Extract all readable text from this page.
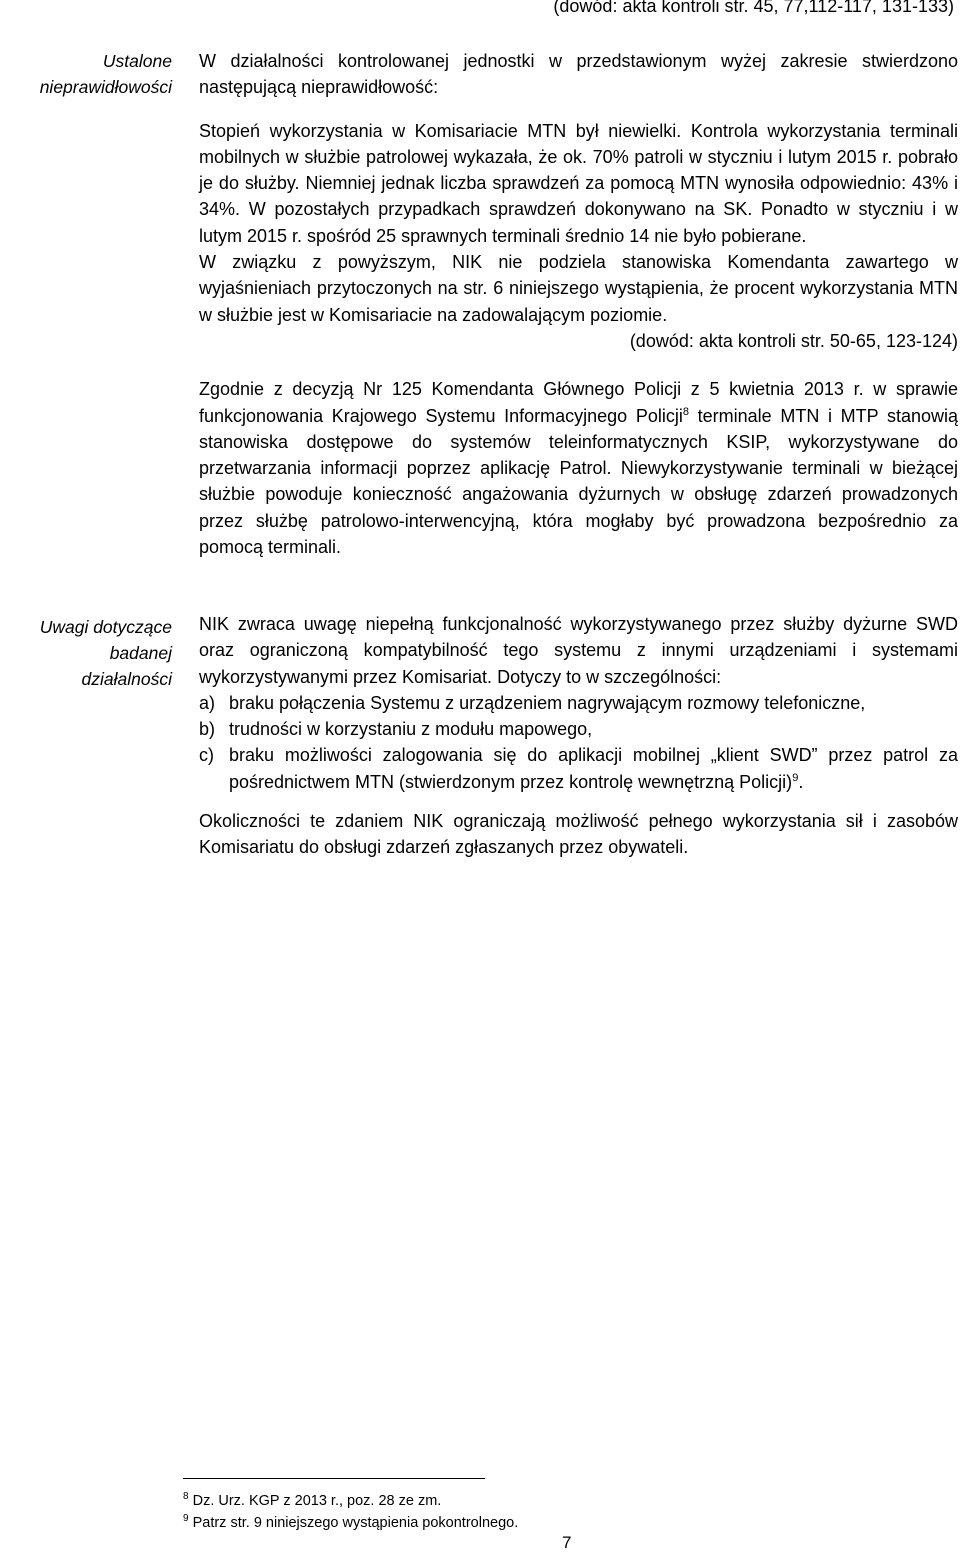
(dowód: akta kontroli str. 45, 77,112-117, 131-133)
Ustalone nieprawidłowości

W działalności kontrolowanej jednostki w przedstawionym wyżej zakresie stwierdzono następującą nieprawidłowość:

Stopień wykorzystania w Komisariacie MTN był niewielki. Kontrola wykorzystania terminali mobilnych w służbie patrolowej wykazała, że ok. 70% patroli w styczniu i lutym 2015 r. pobrało je do służby. Niemniej jednak liczba sprawdzeń za pomocą MTN wynosiła odpowiednio: 43% i 34%. W pozostałych przypadkach sprawdzeń dokonywano na SK. Ponadto w styczniu i w lutym 2015 r. spośród 25 sprawnych terminali średnio 14 nie było pobierane.

W związku z powyższym, NIK nie podziela stanowiska Komendanta zawartego w wyjaśnieniach przytoczonych na str. 6 niniejszego wystąpienia, że procent wykorzystania MTN w służbie jest w Komisariacie na zadowalającym poziomie.

(dowód: akta kontroli str. 50-65, 123-124)

Zgodnie z decyzją Nr 125 Komendanta Głównego Policji z 5 kwietnia 2013 r. w sprawie funkcjonowania Krajowego Systemu Informacyjnego Policji$^8$ terminale MTN i MTP stanowią stanowiska dostępowe do systemów teleinformatycznych KSIP, wykorzystywane do przetwarzania informacji poprzez aplikację Patrol. Niewykorzystywanie terminali w bieżącej służbie powoduje konieczność angażowania dyżurnych w obsługę zdarzeń prowadzonych przez służbę patrolowo-interwencyjną, która mogłaby być prowadzona bezpośrednio za pomocą terminali.

Uwagi dotyczące badanej działalności

NIK zwraca uwagę niepełną funkcjonalność wykorzystywanego przez służby dyżurne SWD oraz ograniczoną kompatybilność tego systemu z innymi urządzeniami i systemami wykorzystywanymi przez Komisariat. Dotyczy to w szczególności:

a) braku połączenia Systemu z urządzeniem nagrywającym rozmowy telefoniczne,
b) trudności w korzystaniu z modułu mapowego,
c) braku możliwości zalogowania się do aplikacji mobilnej „klient SWD” przez patrol za pośrednictwem MTN (stwierdzonym przez kontrolę wewnętrzną Policji)$^9$.

Okoliczności te zdaniem NIK ograniczają możliwość pełnego wykorzystania sił i zasobów Komisariatu do obsługi zdarzeń zgłaszanych przez obywateli.

$^8$ Dz. Urz. KGP z 2013 r., poz. 28 ze zm.
$^9$ Patrz str. 9 niniejszego wystąpienia pokontrolnego.
7
